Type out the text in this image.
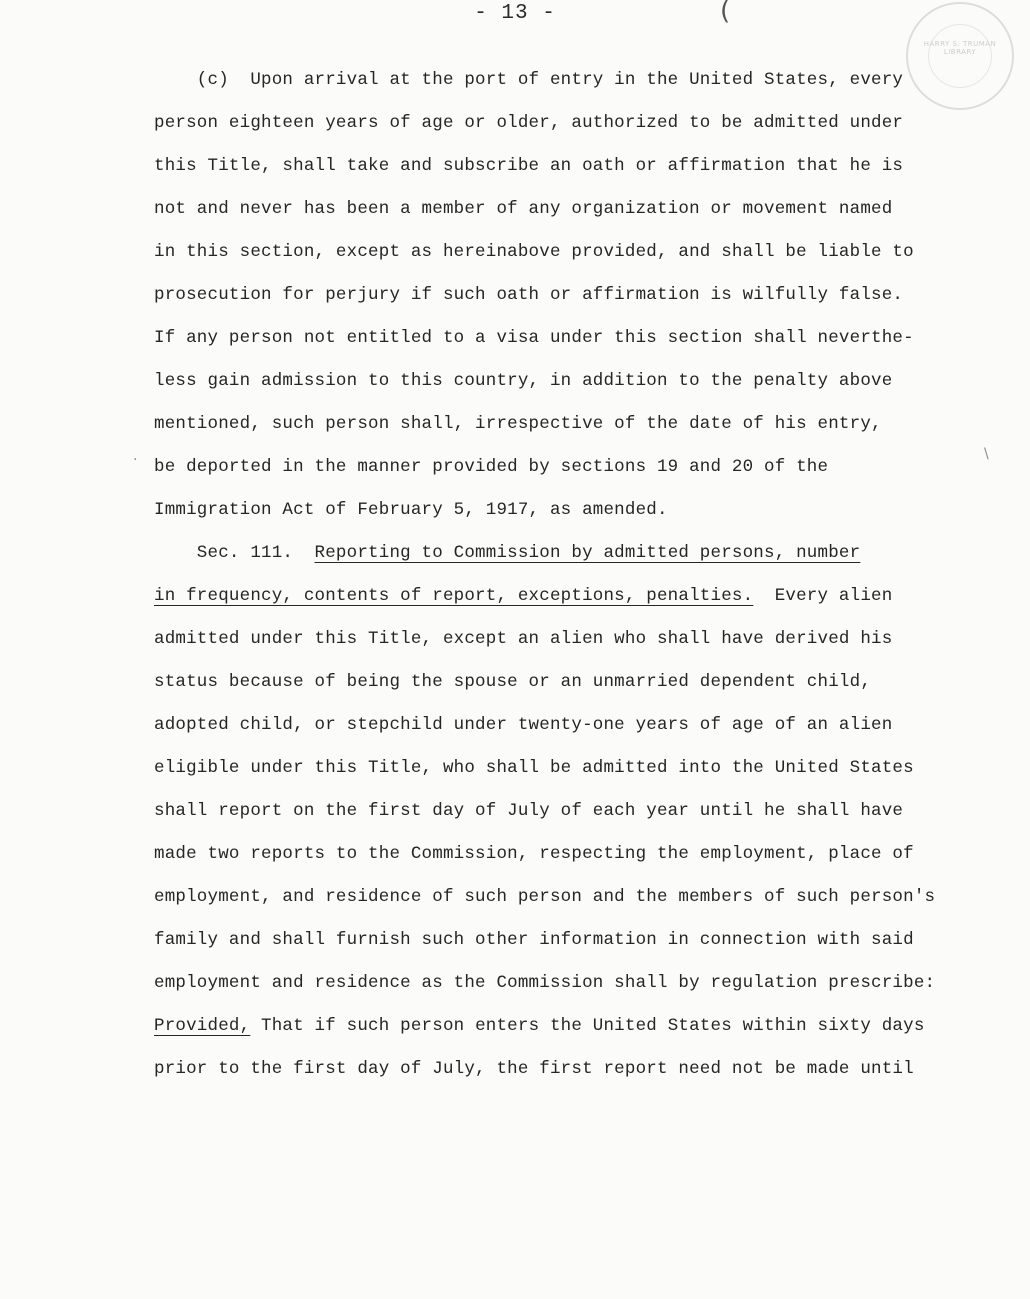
- 13 -
HARRY S. TRUMAN LIBRARY
·	\
(
(c)  Upon arrival at the port of entry in the United States, every
person eighteen years of age or older, authorized to be admitted under
this Title, shall take and subscribe an oath or affirmation that he is
not and never has been a member of any organization or movement named
in this section, except as hereinabove provided, and shall be liable to
prosecution for perjury if such oath or affirmation is wilfully false.
If any person not entitled to a visa under this section shall neverthe-
less gain admission to this country, in addition to the penalty above
mentioned, such person shall, irrespective of the date of his entry,
be deported in the manner provided by sections 19 and 20 of the
Immigration Act of February 5, 1917, as amended.
Sec. 111.  Reporting to Commission by admitted persons, number
in frequency, contents of report, exceptions, penalties.  Every alien
admitted under this Title, except an alien who shall have derived his
status because of being the spouse or an unmarried dependent child,
adopted child, or stepchild under twenty-one years of age of an alien
eligible under this Title, who shall be admitted into the United States
shall report on the first day of July of each year until he shall have
made two reports to the Commission, respecting the employment, place of
employment, and residence of such person and the members of such person's
family and shall furnish such other information in connection with said
employment and residence as the Commission shall by regulation prescribe:
Provided, That if such person enters the United States within sixty days
prior to the first day of July, the first report need not be made until
